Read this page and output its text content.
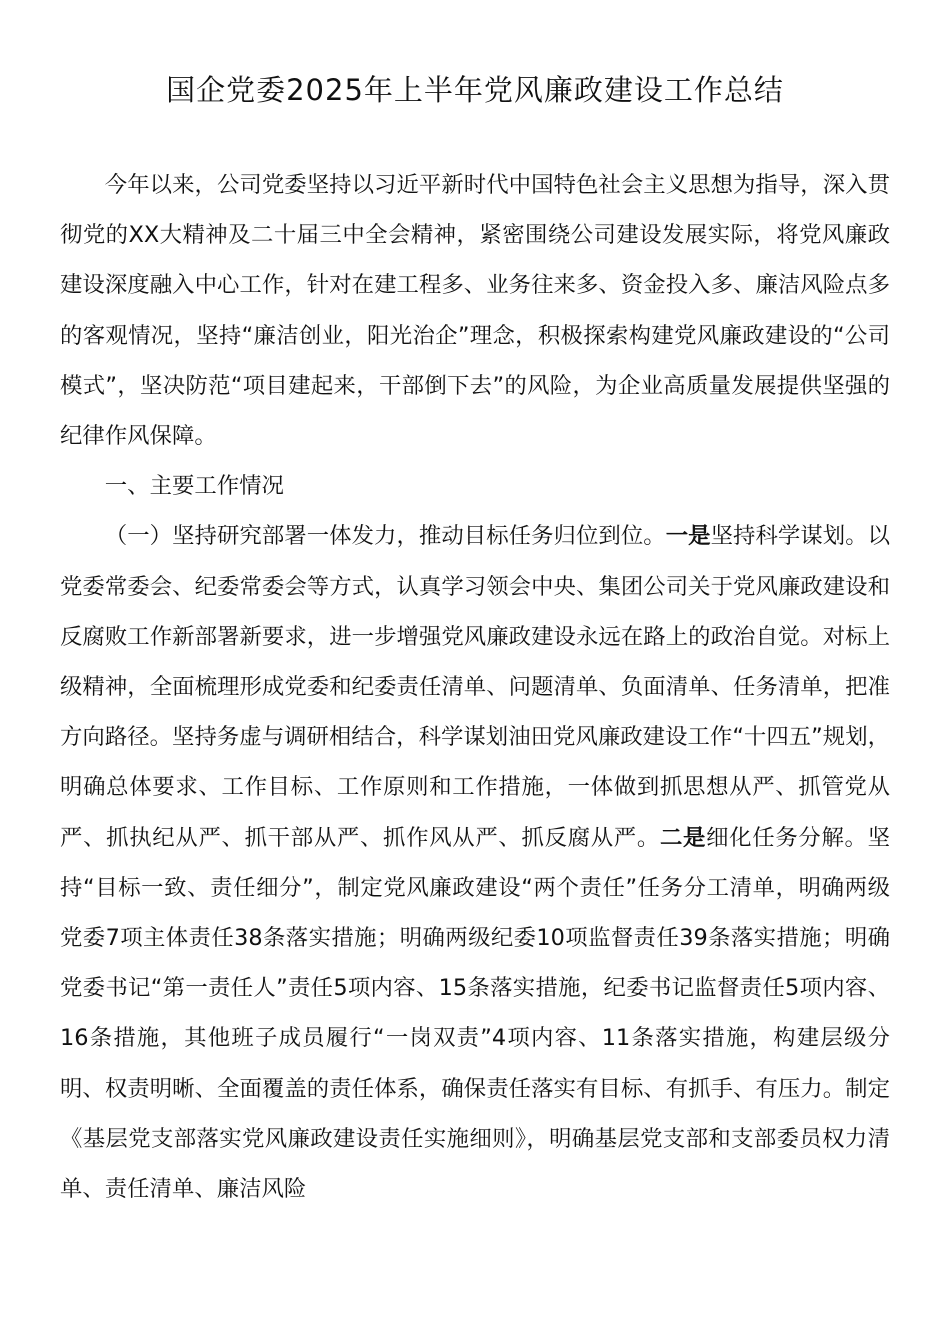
国企党委2025年上半年党风廉政建设工作总结

今年以来，公司党委坚持以习近平新时代中国特色社会主义思想为指导，深入贯彻党的XX大精神及二十届三中全会精神，紧密围绕公司建设发展实际，将党风廉政建设深度融入中心工作，针对在建工程多、业务往来多、资金投入多、廉洁风险点多的客观情况，坚持“廉洁创业，阳光治企”理念，积极探索构建党风廉政建设的“公司模式”，坚决防范“项目建起来，干部倒下去”的风险，为企业高质量发展提供坚强的纪律作风保障。

一、主要工作情况

（一）坚持研究部署一体发力，推动目标任务归位到位。一是坚持科学谋划。以党委常委会、纪委常委会等方式，认真学习领会中央、集团公司关于党风廉政建设和反腐败工作新部署新要求，进一步增强党风廉政建设永远在路上的政治自觉。对标上级精神，全面梳理形成党委和纪委责任清单、问题清单、负面清单、任务清单，把准方向路径。坚持务虚与调研相结合，科学谋划油田党风廉政建设工作“十四五”规划，明确总体要求、工作目标、工作原则和工作措施，一体做到抓思想从严、抓管党从严、抓执纪从严、抓干部从严、抓作风从严、抓反腐从严。二是细化任务分解。坚持“目标一致、责任细分”，制定党风廉政建设“两个责任”任务分工清单，明确两级党委7项主体责任38条落实措施；明确两级纪委10项监督责任39条落实措施；明确党委书记“第一责任人”责任5项内容、15条落实措施，纪委书记监督责任5项内容、16条措施，其他班子成员履行“一岗双责”4项内容、11条落实措施，构建层级分明、权责明晰、全面覆盖的责任体系，确保责任落实有目标、有抓手、有压力。制定《基层党支部落实党风廉政建设责任实施细则》，明确基层党支部和支部委员权力清单、责任清单、廉洁风险
